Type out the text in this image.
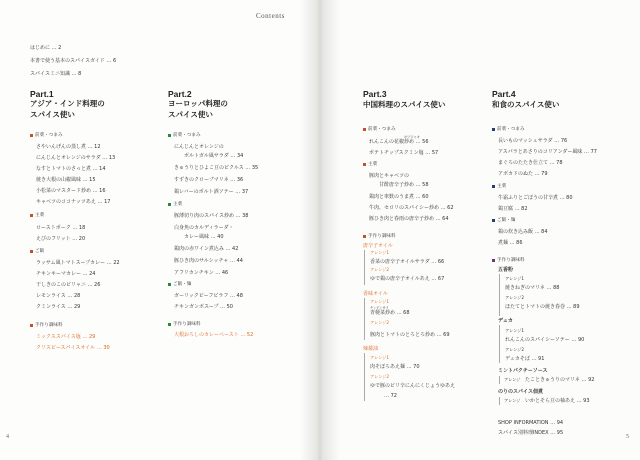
Contents
はじめに … 2
本書で使う基本のスパイスガイド … 6
スパイスミニ知識 … 8
Part.1
アジア・インド料理の
スパイス使い
前菜・つまみ
さやいんげんの蒸し煮 … 12
にんじんとオレンジのサラダ … 13
なすとトマトのさっと煮 … 14
焼き大根の山椒風味 … 15
小松菜のマスタード炒め … 16
キャベツのココナッツあえ … 17
主菜
ローストポーク … 18
えびのフリット … 20
ご飯
ラッサム風トマトスープカレー … 22
チキンキーマカレー … 24
干しきのこのピリャニ … 26
レモンライス … 28
クミンライス … 29
手作り調味料
ミックススパイス塩 … 29
クリスピースパイスオイル … 30
Part.2
ヨーロッパ料理の
スパイス使い
前菜・つまみ
にんじんとオレンジの
ポルトガル風サラダ … 34
きゅうりとひよこ豆のピクルス … 35
すずきのクローブマリネ … 36
鶏レバーのポルト酒ソテー … 37
主菜
豚薄切り肉のスパイス炒め … 38
白身魚のカルディラーダ・
カレー風味 … 40
鶏肉の赤ワイン煮込み … 42
豚ひき肉のサルシッチャ … 44
アフリカンチキン … 46
ご飯・麺
ガーリックピーフピラフ … 48
チキンガンボスープ … 50
手作り調味料
大根おろしのカレーペースト … 52
Part.3
中国料理のスパイス使い
前菜・つまみ
ホワジャオ
れんこんの花椒炒め … 56
ポテトチップスクミン塩 … 57
主菜
豚肉とキャベツの
甘酢唐辛子炒め … 58
鶏肉と車麩のうま煮 … 60
牛肉、セロリのスパイシー炒め … 62
豚ひき肉と春雨の唐辛子炒め … 64
手作り調味料
唐辛子オイル
アレンジ1
香菜の唐辛子オイルサラダ … 66
アレンジ2
ゆで鶏の唐辛子オイルあえ … 67
香味オイル
アレンジ1
チンゲンサイ
青梗菜炒め … 68
アレンジ2
豚肉とトマトのとろとろ炒め … 69
辣醤油
アレンジ1
肉そぼろあえ麺 … 70
アレンジ2
ゆで豚のピリ辛にんにくじょうゆあえ
… 72
Part.4
和食のスパイス使い
前菜・つまみ
長いものマッシュサラダ … 76
アスパラとあさりのコリアンダー風味 … 77
まぐろのたたき仕立て … 78
アボカドのぬた … 79
主菜
牛霜ふりとごぼうの甘辛煮 … 80
鶏豆腐 … 82
ご飯・麺
鶏の炊き込み飯 … 84
煮麺 … 86
手作り調味料
五香粉
アレンジ1
焼きねぎのマリネ … 88
アレンジ2
ほたてとトマトの焼き春巻 … 89
デュカ
アレンジ1
れんこんのスパイシーソテー … 90
アレンジ2
デュカそば … 91
ミントパクチーソース
アレンジ たこときゅうりのマリネ … 92
のりのスパイス佃煮
アレンジ いかとそら豆の柚あえ … 93
SHOP INFORMATION … 94
スパイス別料理INDEX … 95
4	5
